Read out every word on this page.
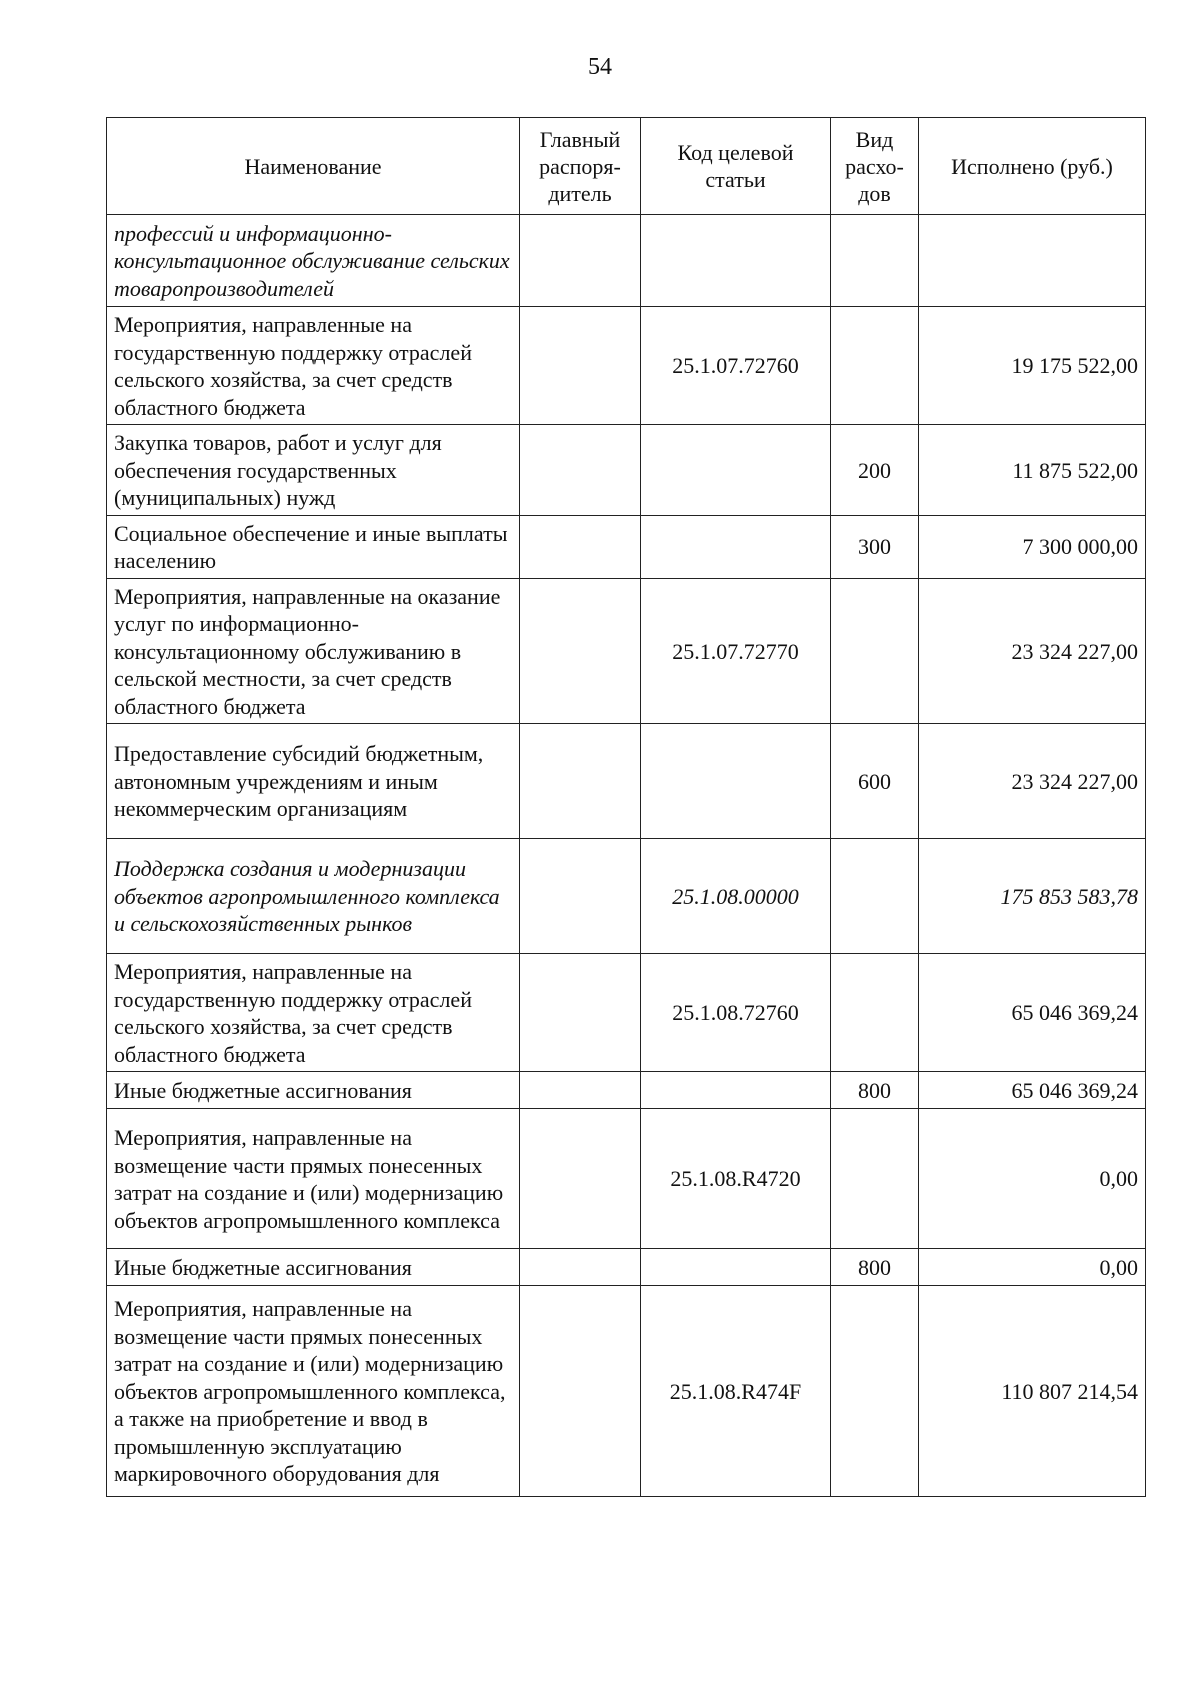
54
Наименование	Главный распоря-дитель	Код целевой статьи	Вид расхо-дов	Исполнено (руб.)
профессий и информационно-консультационное обслуживание сельских товаропроизводителей				
Мероприятия, направленные на государственную поддержку отраслей сельского хозяйства, за счет средств областного бюджета		25.1.07.72760		19 175 522,00
Закупка товаров, работ и услуг для обеспечения государственных (муниципальных) нужд			200	11 875 522,00
Социальное обеспечение и иные выплаты населению			300	7 300 000,00
Мероприятия, направленные на оказание услуг по информационно-консультационному обслуживанию в сельской местности, за счет средств областного бюджета		25.1.07.72770		23 324 227,00
Предоставление субсидий бюджетным, автономным учреждениям и иным некоммерческим организациям			600	23 324 227,00
Поддержка создания и модернизации объектов агропромышленного комплекса и сельскохозяйственных рынков		25.1.08.00000		175 853 583,78
Мероприятия, направленные на государственную поддержку отраслей сельского хозяйства, за счет средств областного бюджета		25.1.08.72760		65 046 369,24
Иные бюджетные ассигнования			800	65 046 369,24
Мероприятия, направленные на возмещение части прямых понесенных затрат на создание и (или) модернизацию объектов агропромышленного комплекса		25.1.08.R4720		0,00
Иные бюджетные ассигнования			800	0,00
Мероприятия, направленные на возмещение части прямых понесенных затрат на создание и (или) модернизацию объектов агропромышленного комплекса, а также на приобретение и ввод в промышленную эксплуатацию маркировочного оборудования для		25.1.08.R474F		110 807 214,54
